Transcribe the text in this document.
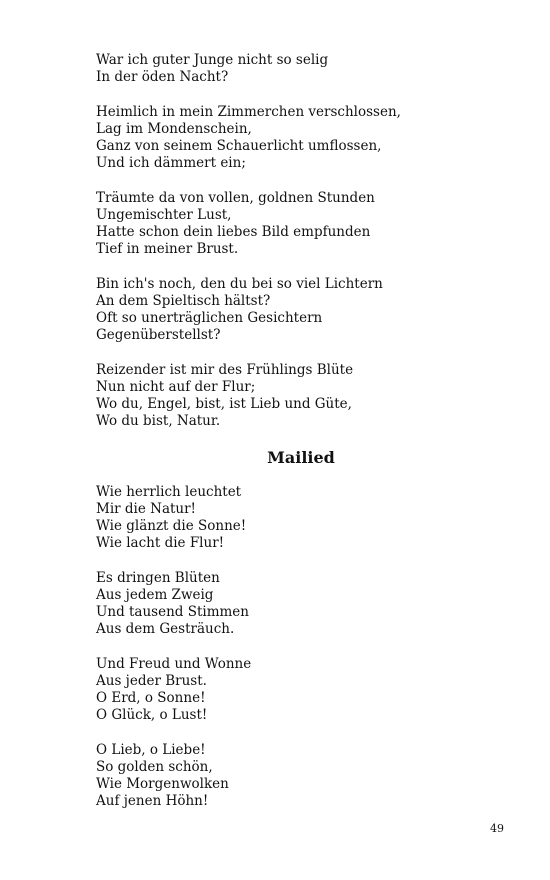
War ich guter Junge nicht so selig
In der öden Nacht?
Heimlich in mein Zimmerchen verschlossen,
Lag im Mondenschein,
Ganz von seinem Schauerlicht umflossen,
Und ich dämmert ein;
Träumte da von vollen, goldnen Stunden
Ungemischter Lust,
Hatte schon dein liebes Bild empfunden
Tief in meiner Brust.
Bin ich's noch, den du bei so viel Lichtern
An dem Spieltisch hältst?
Oft so unerträglichen Gesichtern
Gegenüberstellst?
Reizender ist mir des Frühlings Blüte
Nun nicht auf der Flur;
Wo du, Engel, bist, ist Lieb und Güte,
Wo du bist, Natur.
Mailied
Wie herrlich leuchtet
Mir die Natur!
Wie glänzt die Sonne!
Wie lacht die Flur!
Es dringen Blüten
Aus jedem Zweig
Und tausend Stimmen
Aus dem Gesträuch.
Und Freud und Wonne
Aus jeder Brust.
O Erd, o Sonne!
O Glück, o Lust!
O Lieb, o Liebe!
So golden schön,
Wie Morgenwolken
Auf jenen Höhn!
49
